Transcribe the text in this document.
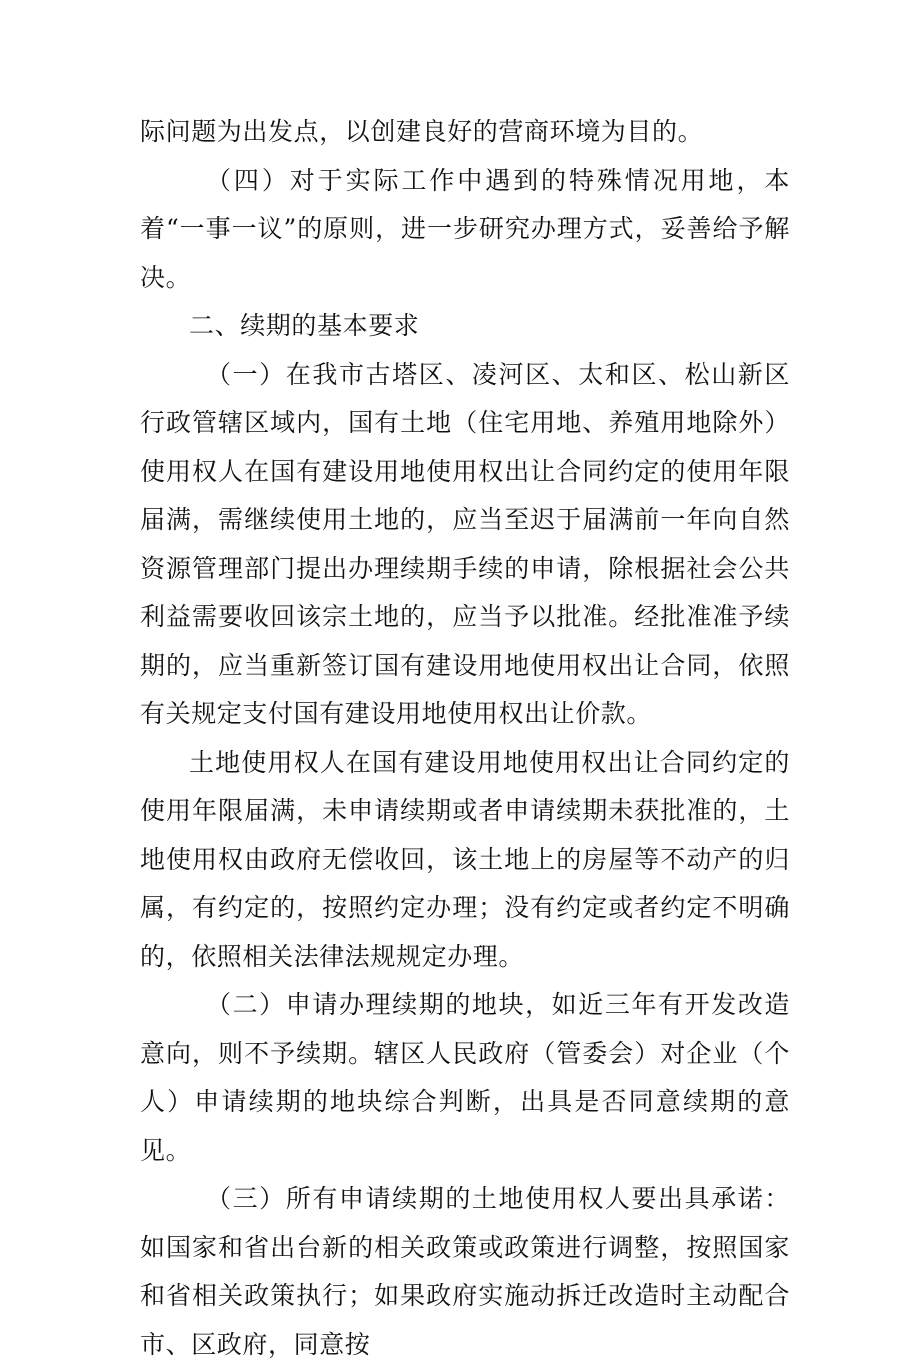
际问题为出发点，以创建良好的营商环境为目的。

（四）对于实际工作中遇到的特殊情况用地，本着“一事一议”的原则，进一步研究办理方式，妥善给予解决。

二、续期的基本要求

（一）在我市古塔区、凌河区、太和区、松山新区行政管辖区域内，国有土地（住宅用地、养殖用地除外）使用权人在国有建设用地使用权出让合同约定的使用年限届满，需继续使用土地的，应当至迟于届满前一年向自然资源管理部门提出办理续期手续的申请，除根据社会公共利益需要收回该宗土地的，应当予以批准。经批准准予续期的，应当重新签订国有建设用地使用权出让合同，依照有关规定支付国有建设用地使用权出让价款。

土地使用权人在国有建设用地使用权出让合同约定的使用年限届满，未申请续期或者申请续期未获批准的，土地使用权由政府无偿收回，该土地上的房屋等不动产的归属，有约定的，按照约定办理；没有约定或者约定不明确的，依照相关法律法规规定办理。

（二）申请办理续期的地块，如近三年有开发改造意向，则不予续期。辖区人民政府（管委会）对企业（个人）申请续期的地块综合判断，出具是否同意续期的意见。

（三）所有申请续期的土地使用权人要出具承诺：如国家和省出台新的相关政策或政策进行调整，按照国家和省相关政策执行；如果政府实施动拆迁改造时主动配合市、区政府，同意按
